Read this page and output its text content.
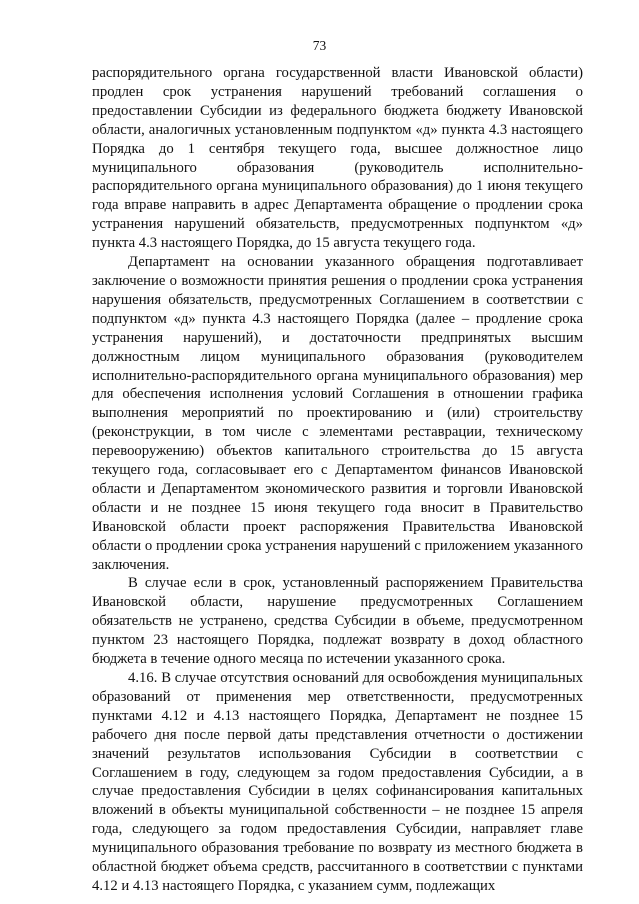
73

распорядительного органа государственной власти Ивановской области) продлен срок устранения нарушений требований соглашения о предоставлении Субсидии из федерального бюджета бюджету Ивановской области, аналогичных установленным подпунктом «д» пункта 4.3 настоящего Порядка до 1 сентября текущего года, высшее должностное лицо муниципального образования (руководитель исполнительно-распорядительного органа муниципального образования) до 1 июня текущего года вправе направить в адрес Департамента обращение о продлении срока устранения нарушений обязательств, предусмотренных подпунктом «д» пункта 4.3 настоящего Порядка, до 15 августа текущего года.

Департамент на основании указанного обращения подготавливает заключение о возможности принятия решения о продлении срока устранения нарушения обязательств, предусмотренных Соглашением в соответствии с подпунктом «д» пункта 4.3 настоящего Порядка (далее – продление срока устранения нарушений), и достаточности предпринятых высшим должностным лицом муниципального образования (руководителем исполнительно-распорядительного органа муниципального образования) мер для обеспечения исполнения условий Соглашения в отношении графика выполнения мероприятий по проектированию и (или) строительству (реконструкции, в том числе с элементами реставрации, техническому перевооружению) объектов капитального строительства до 15 августа текущего года, согласовывает его с Департаментом финансов Ивановской области и Департаментом экономического развития и торговли Ивановской области и не позднее 15 июня текущего года вносит в Правительство Ивановской области проект распоряжения Правительства Ивановской области о продлении срока устранения нарушений с приложением указанного заключения.

В случае если в срок, установленный распоряжением Правительства Ивановской области, нарушение предусмотренных Соглашением обязательств не устранено, средства Субсидии в объеме, предусмотренном пунктом 23 настоящего Порядка, подлежат возврату в доход областного бюджета в течение одного месяца по истечении указанного срока.

4.16. В случае отсутствия оснований для освобождения муниципальных образований от применения мер ответственности, предусмотренных пунктами 4.12 и 4.13 настоящего Порядка, Департамент не позднее 15 рабочего дня после первой даты представления отчетности о достижении значений результатов использования Субсидии в соответствии с Соглашением в году, следующем за годом предоставления Субсидии, а в случае предоставления Субсидии в целях софинансирования капитальных вложений в объекты муниципальной собственности – не позднее 15 апреля года, следующего за годом предоставления Субсидии, направляет главе муниципального образования требование по возврату из местного бюджета в областной бюджет объема средств, рассчитанного в соответствии с пунктами 4.12 и 4.13 настоящего Порядка, с указанием сумм, подлежащих
